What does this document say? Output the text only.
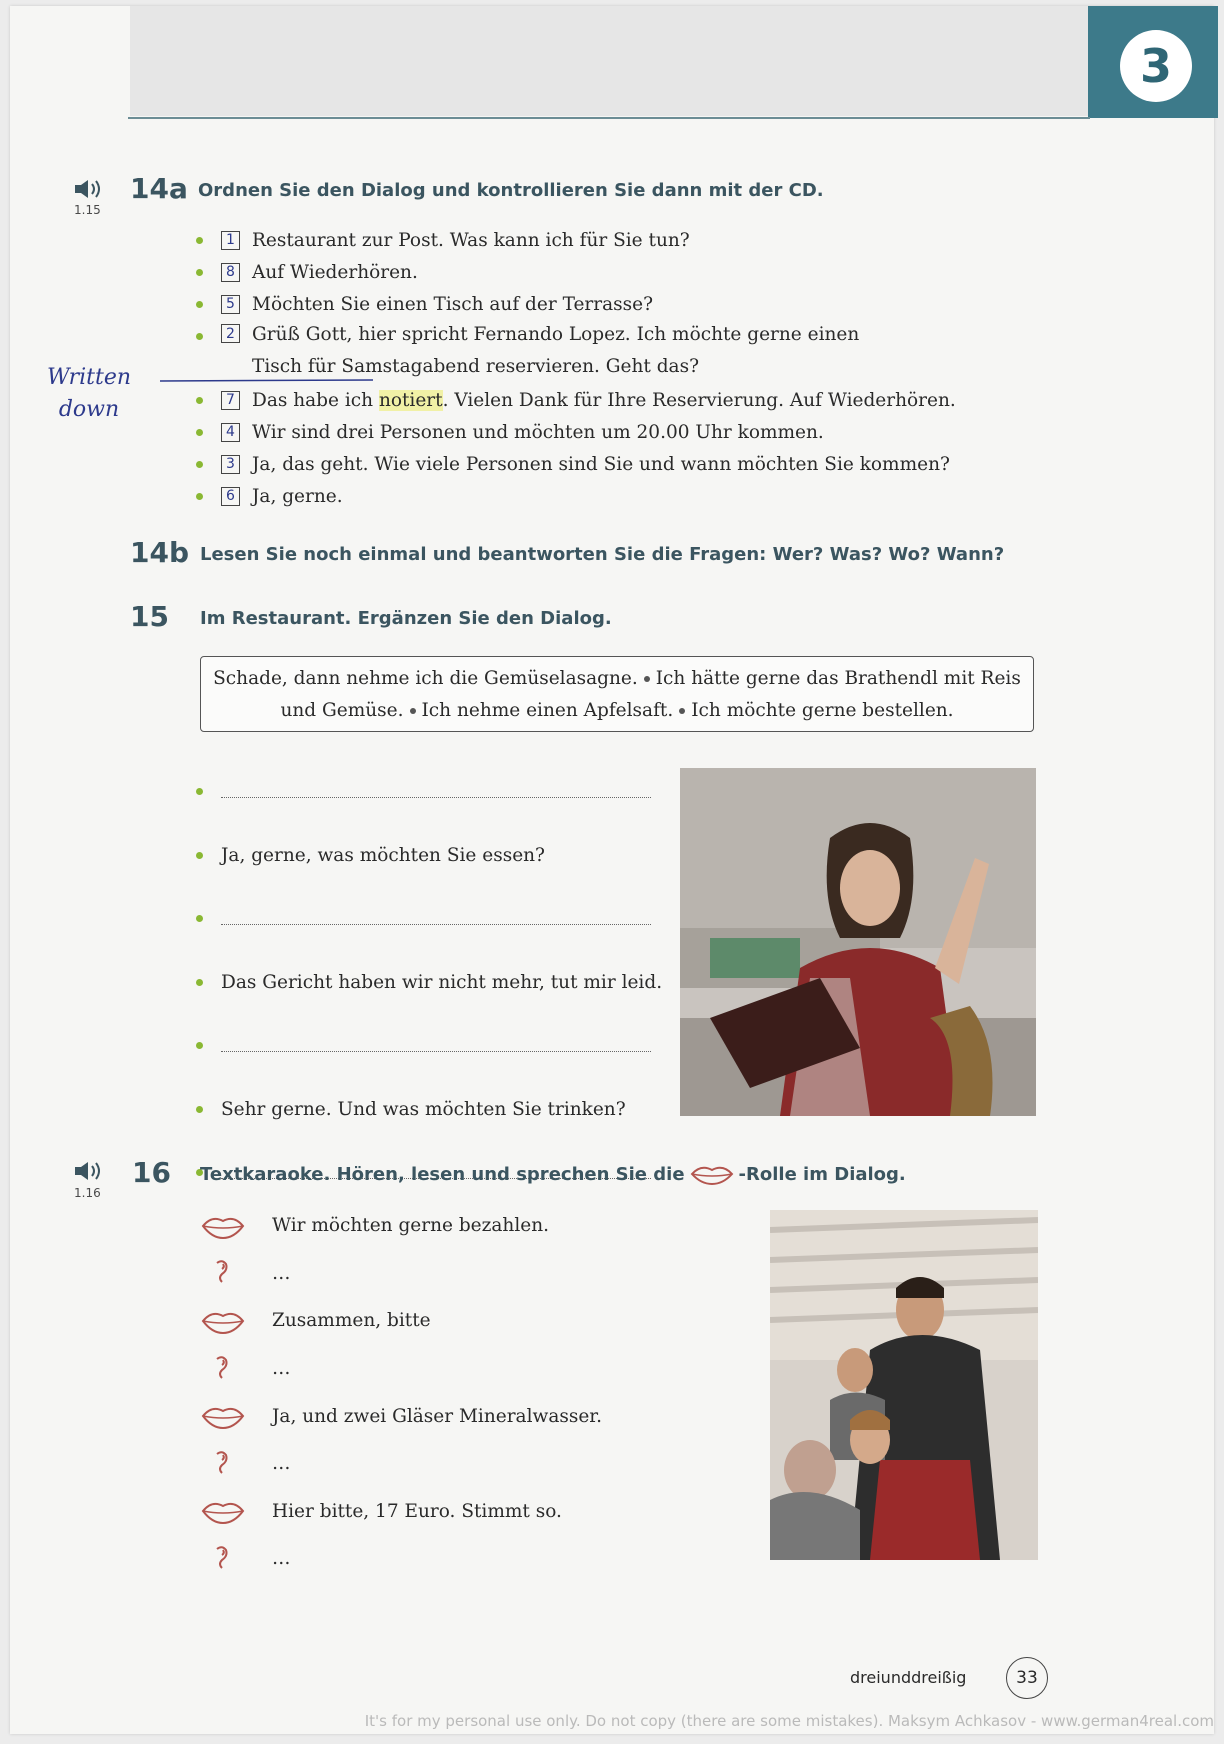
3
1.15
14a Ordnen Sie den Dialog und kontrollieren Sie dann mit der CD.
1 Restaurant zur Post. Was kann ich für Sie tun?
8 Auf Wiederhören.
5 Möchten Sie einen Tisch auf der Terrasse?
2 Grüß Gott, hier spricht Fernando Lopez. Ich möchte gerne einen Tisch für Samstagabend reservieren. Geht das?
7 Das habe ich notiert. Vielen Dank für Ihre Reservierung. Auf Wiederhören.
4 Wir sind drei Personen und möchten um 20.00 Uhr kommen.
3 Ja, das geht. Wie viele Personen sind Sie und wann möchten Sie kommen?
6 Ja, gerne.
Written down
14b Lesen Sie noch einmal und beantworten Sie die Fragen: Wer? Was? Wo? Wann?
15 Im Restaurant. Ergänzen Sie den Dialog.
Schade, dann nehme ich die Gemüselasagne. Ich hätte gerne das Brathendl mit Reis
und Gemüse. Ich nehme einen Apfelsaft. Ich möchte gerne bestellen.
Ja, gerne, was möchten Sie essen?
Das Gericht haben wir nicht mehr, tut mir leid.
Sehr gerne. Und was möchten Sie trinken?
1.16
16 Textkaraoke. Hören, lesen und sprechen Sie die	-Rolle im Dialog.
Wir möchten gerne bezahlen.
…
Zusammen, bitte
…
Ja, und zwei Gläser Mineralwasser.
…
Hier bitte, 17 Euro. Stimmt so.
…
dreiunddreißig	33
It's for my personal use only. Do not copy (there are some mistakes). Maksym Achkasov - www.german4real.com
